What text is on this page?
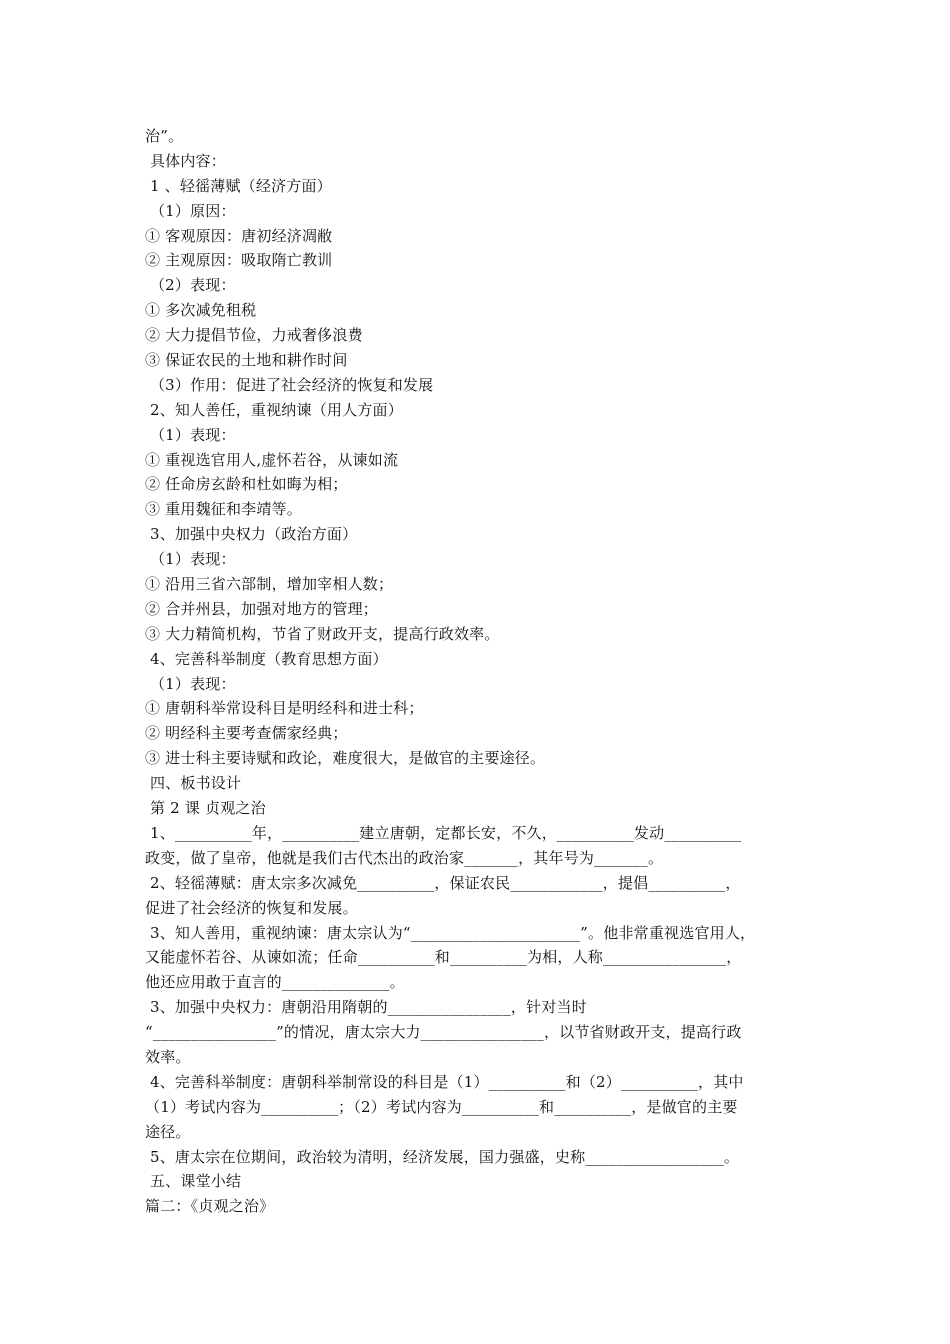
治”。
具体内容：
1 、轻徭薄赋（经济方面）
（1）原因：
① 客观原因：唐初经济凋敝
② 主观原因：吸取隋亡教训
（2）表现：
① 多次减免租税
② 大力提倡节俭，力戒奢侈浪费
③ 保证农民的土地和耕作时间
（3）作用：促进了社会经济的恢复和发展
2、知人善任，重视纳谏（用人方面）
（1）表现：
① 重视选官用人,虚怀若谷，从谏如流
② 任命房玄龄和杜如晦为相；
③ 重用魏征和李靖等。
3、加强中央权力（政治方面）
（1）表现：
① 沿用三省六部制，增加宰相人数；
② 合并州县，加强对地方的管理；
③ 大力精简机构，节省了财政开支，提高行政效率。
4、完善科举制度（教育思想方面）
（1）表现：
① 唐朝科举常设科目是明经科和进士科；
② 明经科主要考查儒家经典；
③ 进士科主要诗赋和政论，难度很大，是做官的主要途径。
四、板书设计
第 2 课 贞观之治
1、__________年，__________建立唐朝，定都长安，不久，__________发动__________
政变，做了皇帝，他就是我们古代杰出的政治家_______，其年号为_______。
2、轻徭薄赋：唐太宗多次减免__________，保证农民____________，提倡__________，
促进了社会经济的恢复和发展。
3、知人善用，重视纳谏：唐太宗认为“______________________”。他非常重视选官用人，
又能虚怀若谷、从谏如流；任命__________和__________为相，人称________________，
他还应用敢于直言的______________。
3、加强中央权力：唐朝沿用隋朝的________________，针对当时
“________________”的情况，唐太宗大力________________，以节省财政开支，提高行政
效率。
4、完善科举制度：唐朝科举制常设的科目是（1）__________和（2）__________，其中
（1）考试内容为__________；（2）考试内容为__________和__________，是做官的主要
途径。
5、唐太宗在位期间，政治较为清明，经济发展，国力强盛，史称__________________。
五、课堂小结
篇二：《贞观之治》
